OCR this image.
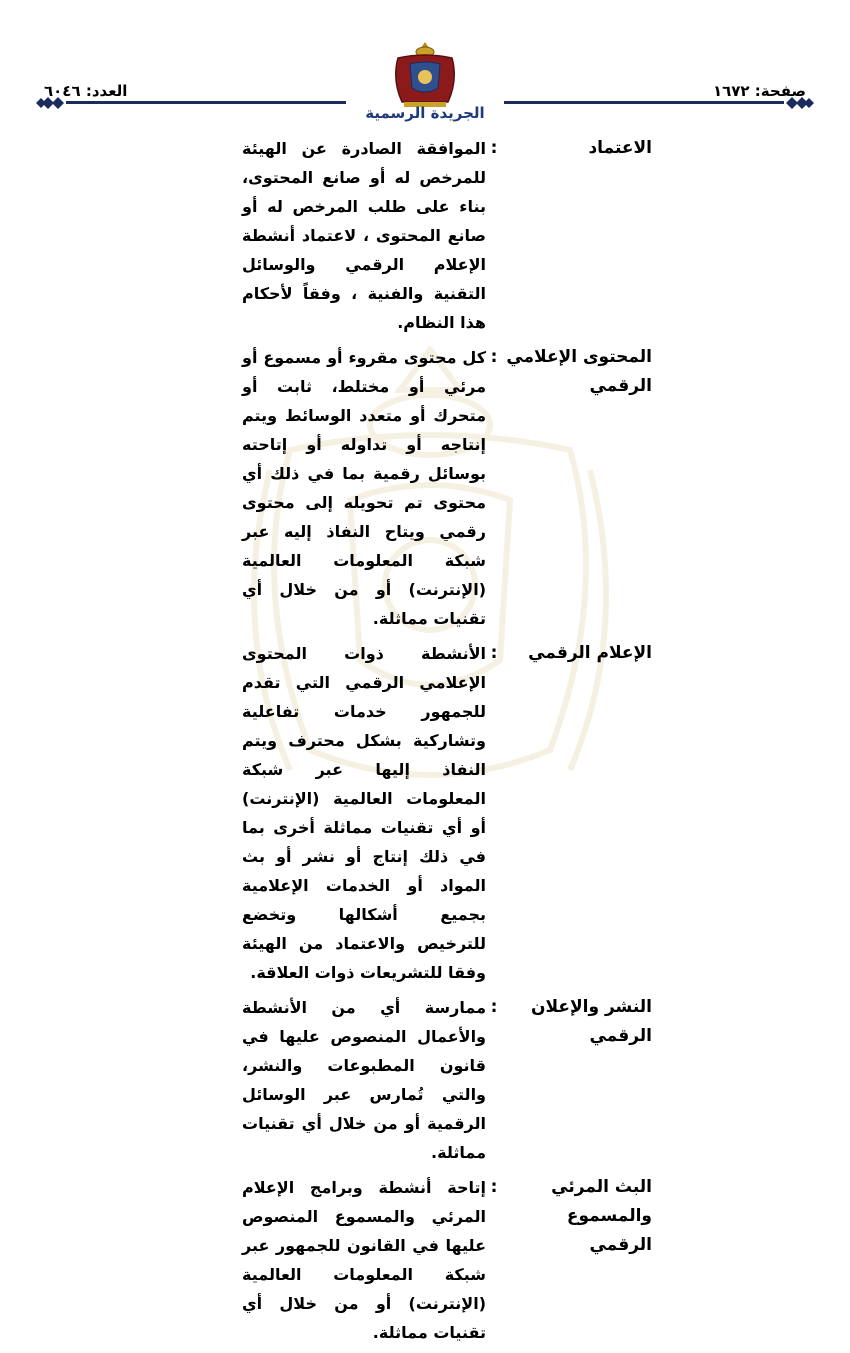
صفحة: ١٦٧٢
العدد: ٦٠٤٦
الجريدة الرسمية
الاعتماد
:
الموافقة الصادرة عن الهيئة للمرخص له أو صانع المحتوى، بناء على طلب المرخص له أو صانع المحتوى ، لاعتماد أنشطة الإعلام الرقمي والوسائل التقنية والفنية ، وفقاً لأحكام هذا النظام.
المحتوى الإعلامي الرقمي
:
كل محتوى مقروء أو مسموع أو مرئي أو مختلط، ثابت أو متحرك أو متعدد الوسائط ويتم إنتاجه أو تداوله أو إتاحته بوسائل رقمية بما في ذلك أي محتوى تم تحويله إلى محتوى رقمي ويتاح النفاذ إليه عبر شبكة المعلومات العالمية (الإنترنت) أو من خلال أي تقنيات مماثلة.
الإعلام الرقمي
:
الأنشطة ذوات المحتوى الإعلامي الرقمي التي تقدم للجمهور خدمات تفاعلية وتشاركية بشكل محترف ويتم النفاذ إليها عبر شبكة المعلومات العالمية (الإنترنت) أو أي تقنيات مماثلة أخرى بما في ذلك إنتاج أو نشر أو بث المواد أو الخدمات الإعلامية بجميع أشكالها وتخضع للترخيص والاعتماد من الهيئة وفقا للتشريعات ذوات العلاقة.
النشر والإعلان الرقمي
:
ممارسة أي من الأنشطة والأعمال المنصوص عليها في قانون المطبوعات والنشر، والتي تُمارس عبر الوسائل الرقمية أو من خلال أي تقنيات مماثلة.
البث المرئي والمسموع الرقمي
:
إتاحة أنشطة وبرامج الإعلام المرئي والمسموع المنصوص عليها في القانون للجمهور عبر شبكة المعلومات العالمية (الإنترنت) أو من خلال أي تقنيات مماثلة.
